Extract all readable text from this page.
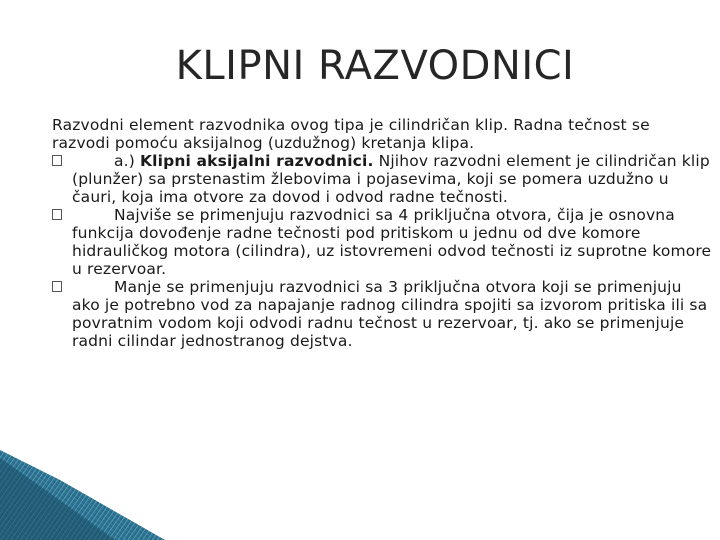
KLIPNI RAZVODNICI

Razvodni element razvodnika ovog tipa je cilindričan klip. Radna tečnost se razvodi pomoću aksijalnog (uzdužnog) kretanja klipa.

a.) Klipni aksijalni razvodnici. Njihov razvodni element je cilindričan klip (plunžer) sa prstenastim žlebovima i pojasevima, koji se pomera uzdužno u čauri, koja ima otvore za dovod i odvod radne tečnosti.
Najviše se primenjuju razvodnici sa 4 priključna otvora, čija je osnovna funkcija dovođenje radne tečnosti pod pritiskom u jednu od dve komore hidrauličkog motora (cilindra), uz istovremeni odvod tečnosti iz suprotne komore u rezervoar.
Manje se primenjuju razvodnici sa 3 priključna otvora koji se primenjuju ako je potrebno vod za napajanje radnog cilindra spojiti sa izvorom pritiska ili sa povratnim vodom koji odvodi radnu tečnost u rezervoar, tj. ako se primenjuje radni cilindar jednostranog dejstva.
